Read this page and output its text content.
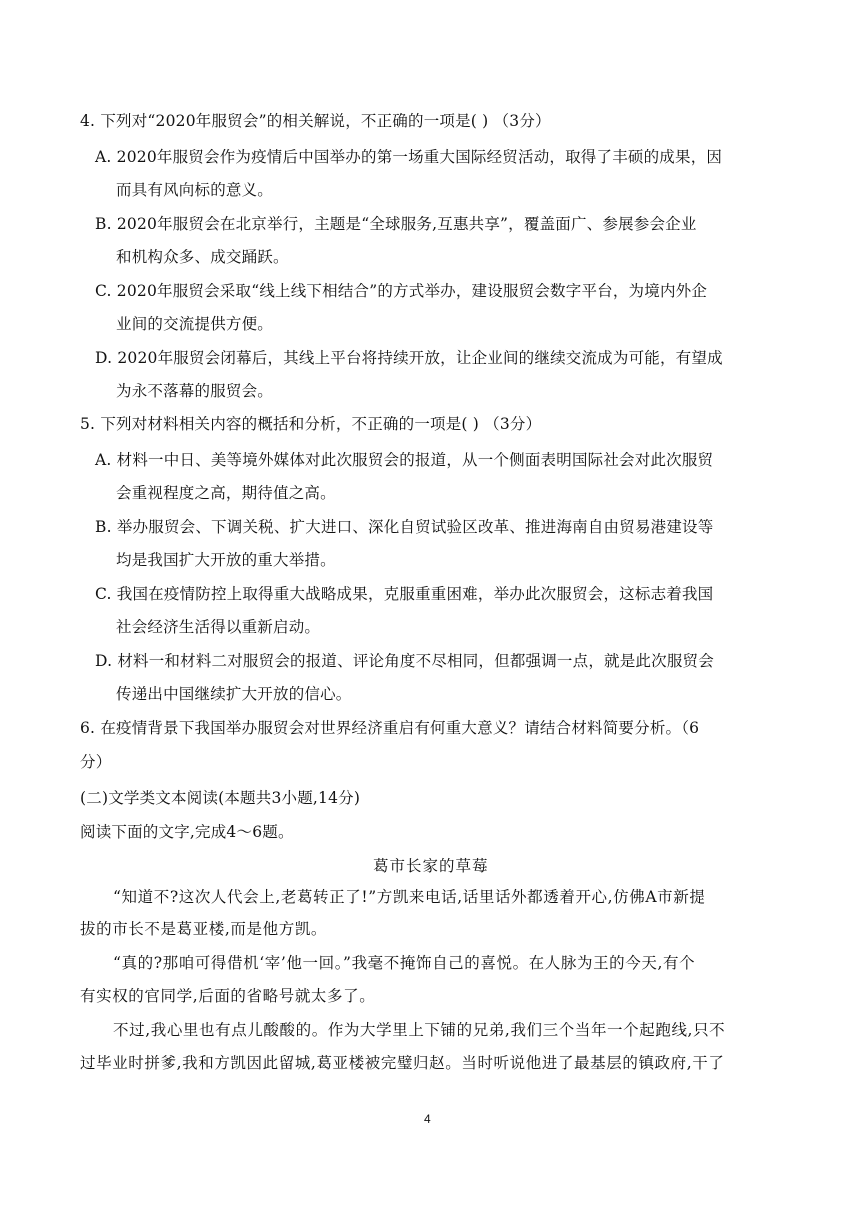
4. 下列对“2020年服贸会”的相关解说，不正确的一项是( ) （3分）
A. 2020年服贸会作为疫情后中国举办的第一场重大国际经贸活动，取得了丰硕的成果，因
而具有风向标的意义。
B. 2020年服贸会在北京举行，主题是“全球服务,互惠共享”，覆盖面广、参展参会企业
和机构众多、成交踊跃。
C. 2020年服贸会采取“线上线下相结合”的方式举办，建设服贸会数字平台，为境内外企
业间的交流提供方便。
D. 2020年服贸会闭幕后，其线上平台将持续开放，让企业间的继续交流成为可能，有望成
为永不落幕的服贸会。
5. 下列对材料相关内容的概括和分析，不正确的一项是( ) （3分）
A. 材料一中日、美等境外媒体对此次服贸会的报道，从一个侧面表明国际社会对此次服贸
会重视程度之高，期待值之高。
B. 举办服贸会、下调关税、扩大进口、深化自贸试验区改革、推进海南自由贸易港建设等
均是我国扩大开放的重大举措。
C. 我国在疫情防控上取得重大战略成果，克服重重困难，举办此次服贸会，这标志着我国
社会经济生活得以重新启动。
D. 材料一和材料二对服贸会的报道、评论角度不尽相同，但都强调一点，就是此次服贸会
传递出中国继续扩大开放的信心。
6. 在疫情背景下我国举办服贸会对世界经济重启有何重大意义？请结合材料简要分析。（6
分）
(二)文学类文本阅读(本题共3小题,14分)
阅读下面的文字,完成4～6题。
葛市长家的草莓
“知道不?这次人代会上,老葛转正了!”方凯来电话,话里话外都透着开心,仿佛A市新提
拔的市长不是葛亚楼,而是他方凯。
“真的?那咱可得借机‘宰’他一回。”我毫不掩饰自己的喜悦。在人脉为王的今天,有个
有实权的官同学,后面的省略号就太多了。
不过,我心里也有点儿酸酸的。作为大学里上下铺的兄弟,我们三个当年一个起跑线,只不
过毕业时拼爹,我和方凯因此留城,葛亚楼被完璧归赵。当时听说他进了最基层的镇政府,干了
4
